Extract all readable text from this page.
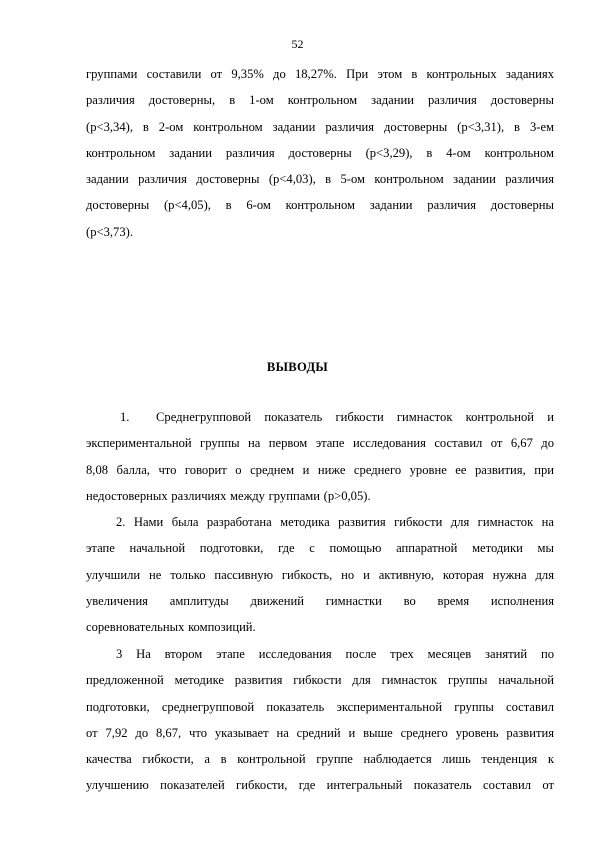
52
группами составили от 9,35% до 18,27%. При этом в контрольных заданиях
различия достоверны, в 1-ом контрольном задании различия достоверны
(p<3,34), в 2-ом контрольном задании различия достоверны (p<3,31), в 3-ем
контрольном задании различия достоверны (p<3,29), в 4-ом контрольном
задании различия достоверны (p<4,03), в 5-ом контрольном задании различия
достоверны (p<4,05), в 6-ом контрольном задании различия достоверны
(p<3,73).
ВЫВОДЫ
1. Среднегрупповой показатель гибкости гимнасток контрольной и
экспериментальной группы на первом этапе исследования составил от 6,67 до
8,08 балла, что говорит о среднем и ниже среднего уровне ее развития, при
недостоверных различиях между группами (p>0,05).
2. Нами была разработана методика развития гибкости для гимнасток на
этапе начальной подготовки, где с помощью аппаратной методики мы
улучшили не только пассивную гибкость, но и активную, которая нужна для
увеличения амплитуды движений гимнастки во время исполнения
соревновательных композиций.
3 На втором этапе исследования после трех месяцев занятий по
предложенной методике развития гибкости для гимнасток группы начальной
подготовки, среднегрупповой показатель экспериментальной группы составил
от 7,92 до 8,67, что указывает на средний и выше среднего уровень развития
качества гибкости, а в контрольной группе наблюдается лишь тенденция к
улучшению показателей гибкости, где интегральный показатель составил от
